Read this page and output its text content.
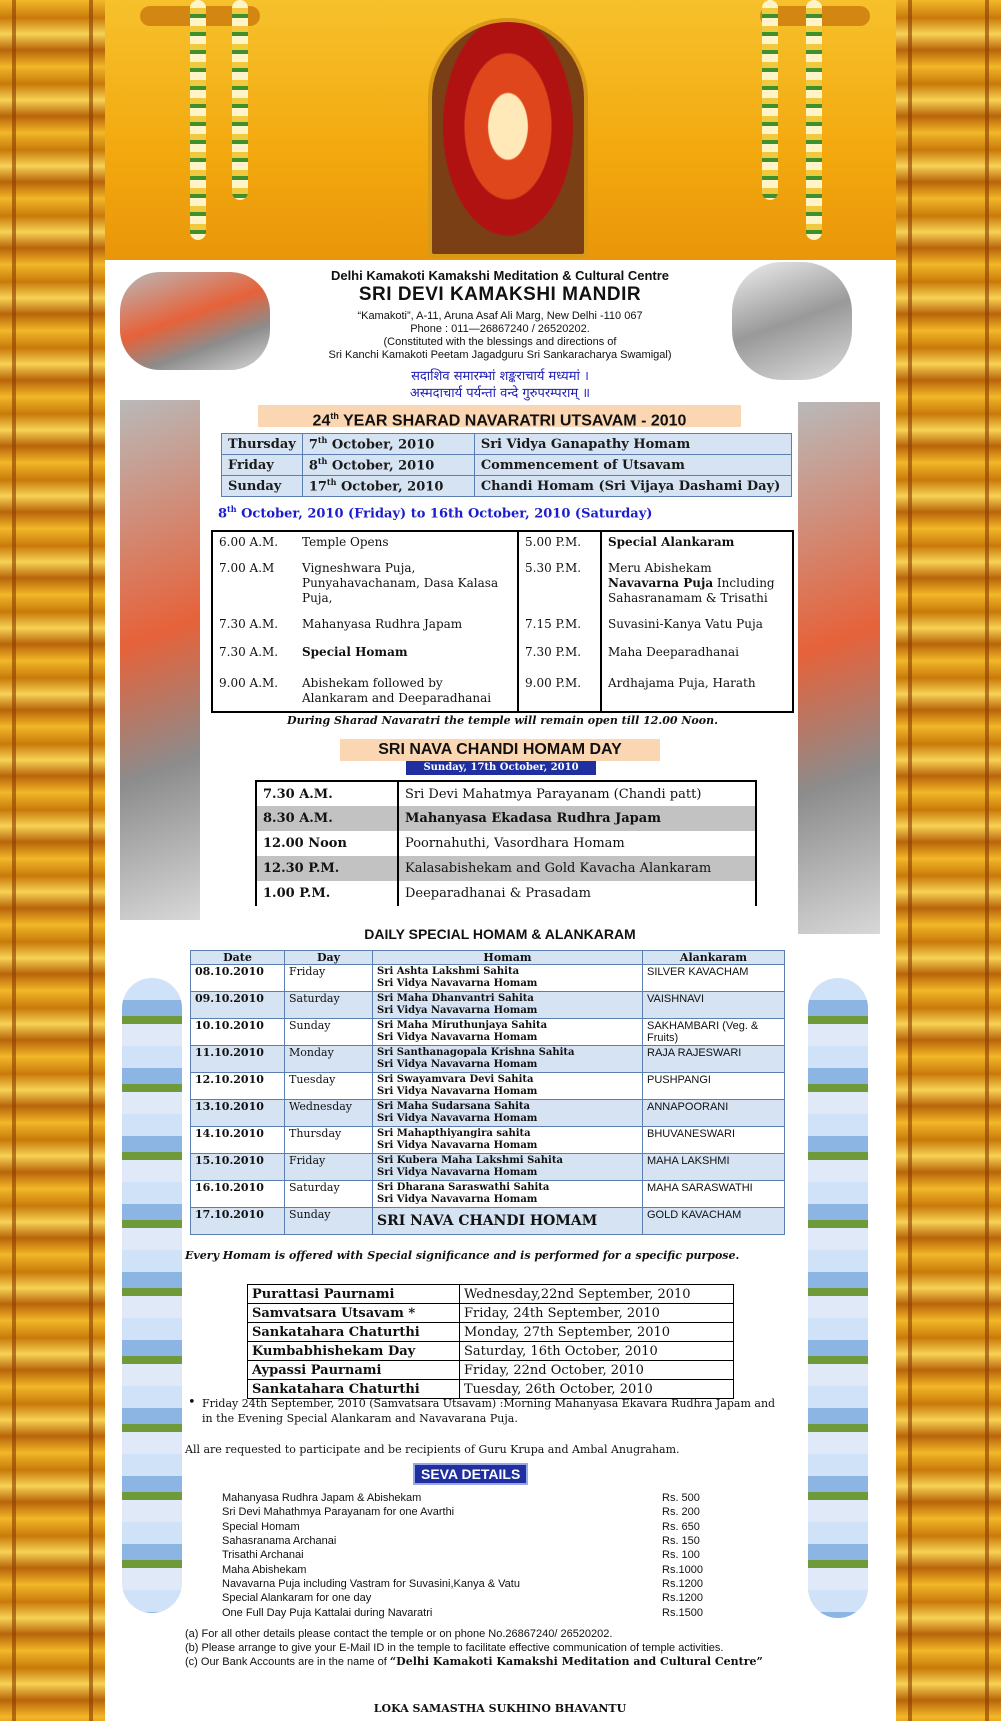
Delhi Kamakoti Kamakshi Meditation & Cultural Centre
SRI DEVI KAMAKSHI MANDIR
“Kamakoti”, A-11, Aruna Asaf Ali Marg, New Delhi -110 067
Phone : 011—26867240 / 26520202.
(Constituted with the blessings and directions of
Sri Kanchi Kamakoti Peetam Jagadguru Sri Sankaracharya Swamigal)
सदाशिव समारम्भां शङ्कराचार्य मध्यमां ।
अस्मदाचार्य पर्यन्तां वन्दे गुरुपरम्पराम् ॥
24th YEAR SHARAD NAVARATRI UTSAVAM - 2010
Thursday	7th October, 2010	Sri Vidya Ganapathy Homam
Friday	8th October, 2010	Commencement of Utsavam
Sunday	17th October, 2010	Chandi Homam (Sri Vijaya Dashami Day)
8th October, 2010 (Friday) to 16th October, 2010 (Saturday)
6.00 A.M.	Temple Opens	5.00 P.M.	Special Alankaram
7.00 A.M	Vigneshwara Puja, Punyahavachanam, Dasa Kalasa Puja,	5.30 P.M.	Meru Abishekam
Navavarna Puja Including Sahasranamam & Trisathi
7.30 A.M.	Mahanyasa Rudhra Japam	7.15 P.M.	Suvasini-Kanya Vatu Puja
7.30 A.M.	Special Homam	7.30 P.M.	Maha Deeparadhanai
9.00 A.M.	Abishekam followed by Alankaram and Deeparadhanai	9.00 P.M.	Ardhajama Puja, Harath
During Sharad Navaratri the temple will remain open till 12.00 Noon.
SRI NAVA CHANDI HOMAM DAY
Sunday, 17th October, 2010
7.30 A.M.	Sri Devi Mahatmya Parayanam (Chandi patt)
8.30 A.M.	Mahanyasa Ekadasa Rudhra Japam
12.00 Noon	Poornahuthi, Vasordhara Homam
12.30 P.M.	Kalasabishekam and Gold Kavacha Alankaram
1.00 P.M.	Deeparadhanai & Prasadam
DAILY SPECIAL HOMAM & ALANKARAM
Date	Day	Homam	Alankaram
08.10.2010	Friday	Sri Ashta Lakshmi Sahita
Sri Vidya Navavarna Homam	SILVER KAVACHAM
09.10.2010	Saturday	Sri Maha Dhanvantri Sahita
Sri Vidya Navavarna Homam	VAISHNAVI
10.10.2010	Sunday	Sri Maha Miruthunjaya Sahita
Sri Vidya Navavarna Homam	SAKHAMBARI (Veg. & Fruits)
11.10.2010	Monday	Sri Santhanagopala Krishna Sahita
Sri Vidya Navavarna Homam	RAJA RAJESWARI
12.10.2010	Tuesday	Sri Swayamvara Devi Sahita
Sri Vidya Navavarna Homam	PUSHPANGI
13.10.2010	Wednesday	Sri Maha Sudarsana Sahita
Sri Vidya Navavarna Homam	ANNAPOORANI
14.10.2010	Thursday	Sri Mahapthiyangira sahita
Sri Vidya Navavarna Homam	BHUVANESWARI
15.10.2010	Friday	Sri Kubera Maha Lakshmi Sahita
Sri Vidya Navavarna Homam	MAHA LAKSHMI
16.10.2010	Saturday	Sri Dharana Saraswathi Sahita
Sri Vidya Navavarna Homam	MAHA SARASWATHI
17.10.2010	Sunday	SRI NAVA CHANDI HOMAM	GOLD KAVACHAM
Every Homam is offered with Special significance and is performed for a specific purpose.
Purattasi Paurnami	Wednesday,22nd September, 2010
Samvatsara Utsavam *	Friday, 24th September, 2010
Sankatahara Chaturthi	Monday, 27th September, 2010
Kumbabhishekam Day	Saturday, 16th October, 2010
Aypassi Paurnami	Friday, 22nd October, 2010
Sankatahara Chaturthi	Tuesday, 26th October, 2010
• Friday 24th September, 2010 (Samvatsara Utsavam) :Morning Mahanyasa Ekavara Rudhra Japam and in the Evening Special Alankaram and Navavarana Puja.
All are requested to participate and be recipients of Guru Krupa and Ambal Anugraham.
SEVA DETAILS
Mahanyasa Rudhra Japam & Abishekam	Rs. 500
Sri Devi Mahathmya Parayanam for one Avarthi	Rs. 200
Special Homam	Rs. 650
Sahasranama Archanai	Rs. 150
Trisathi Archanai	Rs. 100
Maha Abishekam	Rs.1000
Navavarna Puja including Vastram for Suvasini,Kanya & Vatu	Rs.1200
Special Alankaram for one day	Rs.1200
One Full Day Puja Kattalai during Navaratri	Rs.1500
(a) For all other details please contact the temple or on phone No.26867240/ 26520202.
(b) Please arrange to give your E-Mail ID in the temple to facilitate effective communication of temple activities.
(c) Our Bank Accounts are in the name of “Delhi Kamakoti Kamakshi Meditation and Cultural Centre”
LOKA SAMASTHA SUKHINO BHAVANTU
